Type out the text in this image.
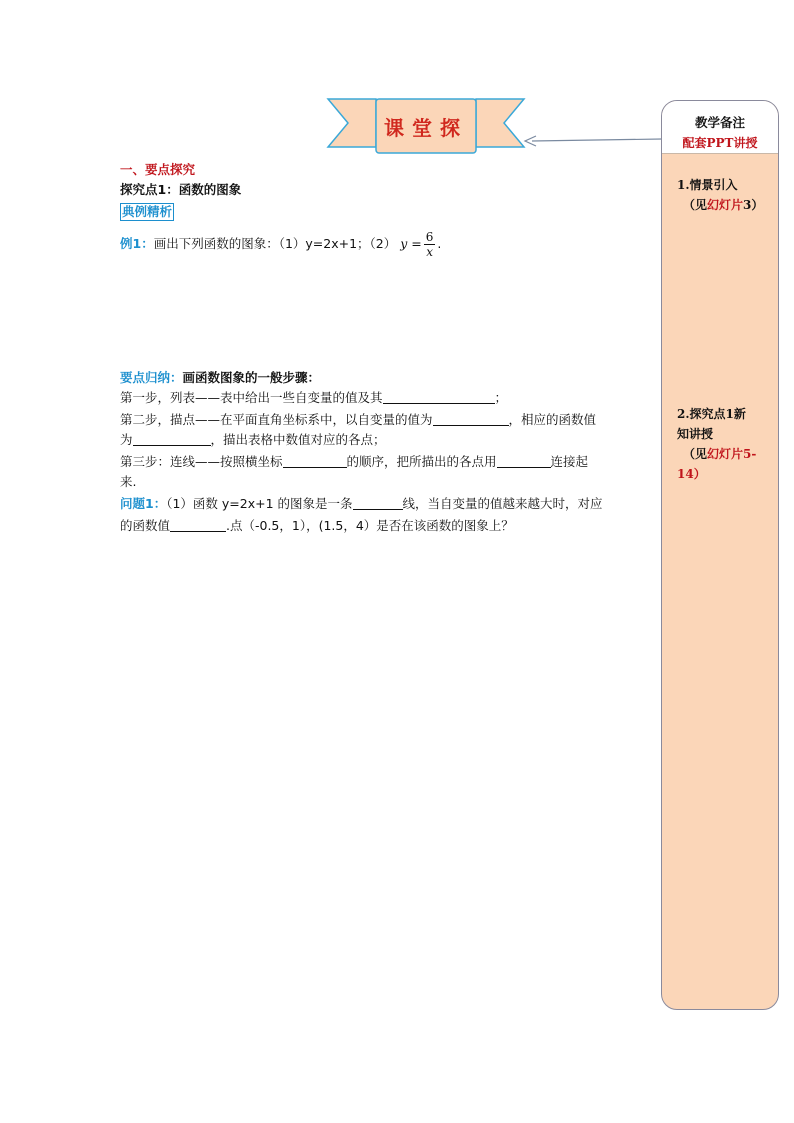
课堂探	教学备注
配套PPT讲授
1.情景引入
（见幻灯片3）
2.探究点1新
知讲授
（见幻灯片5-
14）
一、要点探究
探究点1：函数的图象
典例精析
例1：画出下列函数的图象：（1）y=2x+1；（2） $y = \frac{6}{x}$ .
要点归纳：画函数图象的一般步骤：
第一步，列表——表中给出一些自变量的值及其	；
第二步，描点——在平面直角坐标系中，以自变量的值为	，相应的函数值
为	，描出表格中数值对应的各点；
第三步：连线——按照横坐标	的顺序，把所描出的各点用	连接起
来.
问题1：（1）函数 y=2x+1 的图象是一条	线，当自变量的值越来越大时，对应
的函数值	.点（-0.5，1），(1.5，4）是否在该函数的图象上？
